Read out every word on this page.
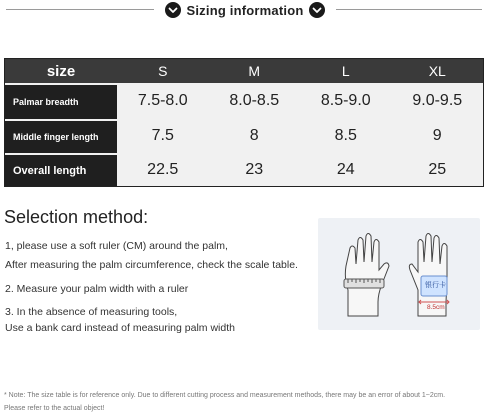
Sizing information
size	S	M	L	XL
Palmar breadth	7.5-8.0	8.0-8.5	8.5-9.0	9.0-9.5
Middle finger length	7.5	8	8.5	9
Overall length	22.5	23	24	25
Selection method:
1, please use a soft ruler (CM) around the palm,
After measuring the palm circumference, check the scale table.
2. Measure your palm width with a ruler
3. In the absence of measuring tools,
Use a bank card instead of measuring palm width
银行卡
8.5cm
* Note: The size table is for reference only. Due to different cutting process and measurement methods, there may be an error of about 1~2cm.
Please refer to the actual object!
